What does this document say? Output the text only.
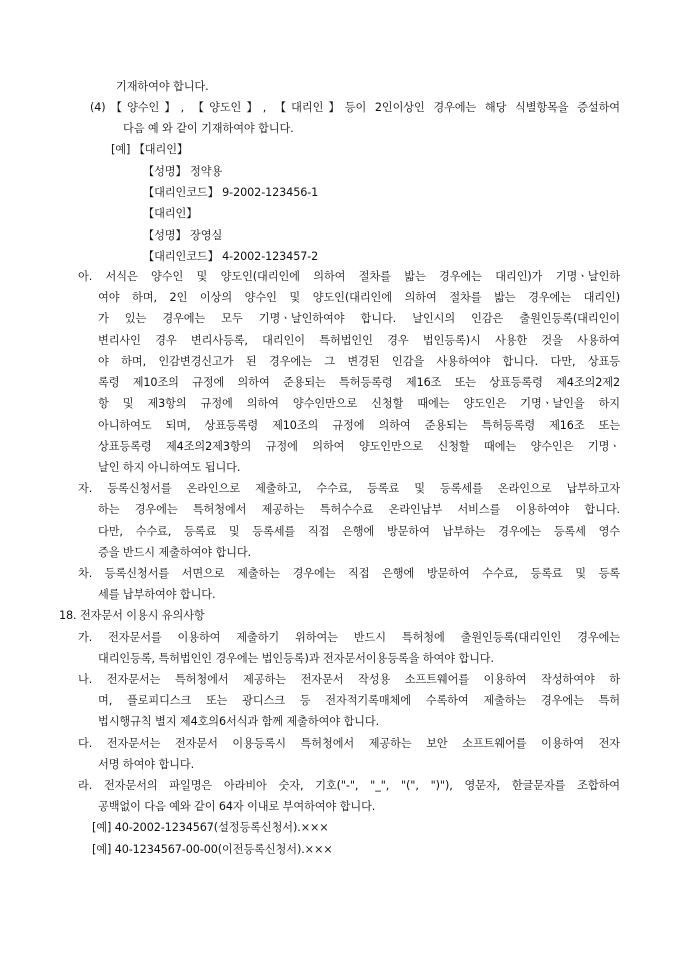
기재하여야 합니다.
(4)【양수인】, 【양도인】, 【대리인】등이 2인이상인 경우에는 해당 식별항목을 증설하여
다음 예 와 같이 기재하여야 합니다.
[예] 【대리인】
【성명】 정약용
【대리인코드】 9-2002-123456-1
【대리인】
【성명】 장영실
【대리인코드】 4-2002-123457-2
아. 서식은 양수인 및 양도인(대리인에 의하여 절차를 밟는 경우에는 대리인)가 기명ㆍ날인하
여야 하며, 2인 이상의 양수인 및 양도인(대리인에 의하여 절차를 밟는 경우에는 대리인)
가 있는 경우에는 모두 기명ㆍ날인하여야 합니다. 날인시의 인감은 출원인등록(대리인이
변리사인 경우 변리사등록, 대리인이 특허법인인 경우 법인등록)시 사용한 것을 사용하여
야 하며, 인감변경신고가 된 경우에는 그 변경된 인감을 사용하여야 합니다. 다만, 상표등
록령 제10조의 규정에 의하여 준용되는 특허등록령 제16조 또는 상표등록령 제4조의2제2
항 및 제3항의 규정에 의하여 양수인만으로 신청할 때에는 양도인은 기명ㆍ날인을 하지
아니하여도 되며, 상표등록령 제10조의 규정에 의하여 준용되는 특허등록령 제16조 또는
상표등록령 제4조의2제3항의 규정에 의하여 양도인만으로 신청할 때에는 양수인은 기명ㆍ
날인 하지 아니하여도 됩니다.
자. 등록신청서를 온라인으로 제출하고, 수수료, 등록료 및 등록세를 온라인으로 납부하고자
하는 경우에는 특허청에서 제공하는 특허수수료 온라인납부 서비스를 이용하여야 합니다.
다만, 수수료, 등록료 및 등록세를 직접 은행에 방문하여 납부하는 경우에는 등록세 영수
증을 반드시 제출하여야 합니다.
차. 등록신청서를 서면으로 제출하는 경우에는 직접 은행에 방문하여 수수료, 등록료 및 등록
세를 납부하여야 합니다.
18. 전자문서 이용시 유의사항
가. 전자문서를 이용하여 제출하기 위하여는 반드시 특허청에 출원인등록(대리인인 경우에는
대리인등록, 특허법인인 경우에는 법인등록)과 전자문서이용등록을 하여야 합니다.
나. 전자문서는 특허청에서 제공하는 전자문서 작성용 소프트웨어를 이용하여 작성하여야 하
며, 플로피디스크 또는 광디스크 등 전자적기록매체에 수록하여 제출하는 경우에는 특허
법시행규칙 별지 제4호의6서식과 함께 제출하여야 합니다.
다. 전자문서는 전자문서 이용등록시 특허청에서 제공하는 보안 소프트웨어를 이용하여 전자
서명 하여야 합니다.
라. 전자문서의 파일명은 아라비아 숫자, 기호("-", "_", "(", ")"), 영문자, 한글문자를 조합하여
공백없이 다음 예와 같이 64자 이내로 부여하여야 합니다.
[예] 40-2002-1234567(설정등록신청서).×××
[예] 40-1234567-00-00(이전등록신청서).×××
